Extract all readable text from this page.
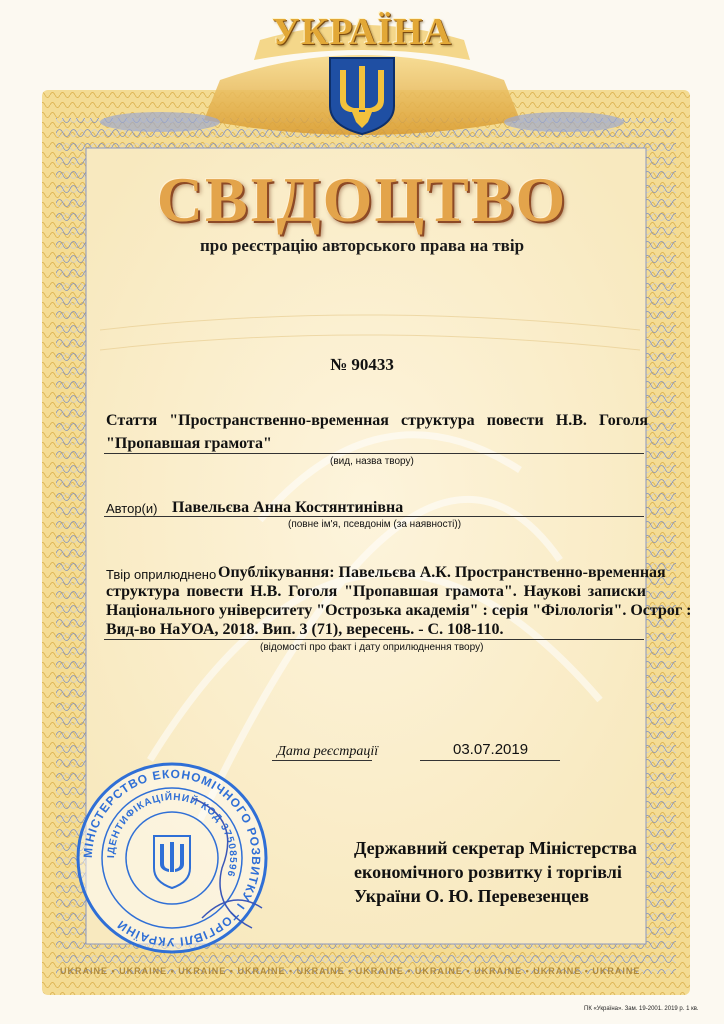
УКРАЇНА
СВІДОЦТВО
про реєстрацію авторського права на твір
№ 90433
Стаття "Пространственно-временная структура повести Н.В. Гоголя
"Пропавшая грамота"
(вид, назва твору)
Автор(и) Павельєва Анна Костянтинівна
(повне ім'я, псевдонім (за наявності))
Твір оприлюднено Опублікування: Павельєва А.К. Пространственно-временная
структура повести Н.В. Гоголя "Пропавшая грамота". Наукові записки
Національного університету "Острозька академія" : серія "Філологія". Острог :
Вид-во НаУОА, 2018. Вип. 3 (71), вересень. - С. 108-110.
(відомості про факт і дату оприлюднення твору)
Дата реєстрації	03.07.2019
МІНІСТЕРСТВО ЕКОНОМІЧНОГО РОЗВИТКУ І ТОРГІВЛІ УКРАЇНИ
ІДЕНТИФІКАЦІЙНИЙ КОД 37508596
Державний секретар Міністерства
економічного розвитку і торгівлі
України О. Ю. Перевезенцев
UKRAINE • UKRAINE • UKRAINE • UKRAINE • UKRAINE • UKRAINE • UKRAINE • UKRAINE • UKRAINE • UKRAINE
ПК «Україна». Зам. 19-2001. 2019 р. 1 кв.
